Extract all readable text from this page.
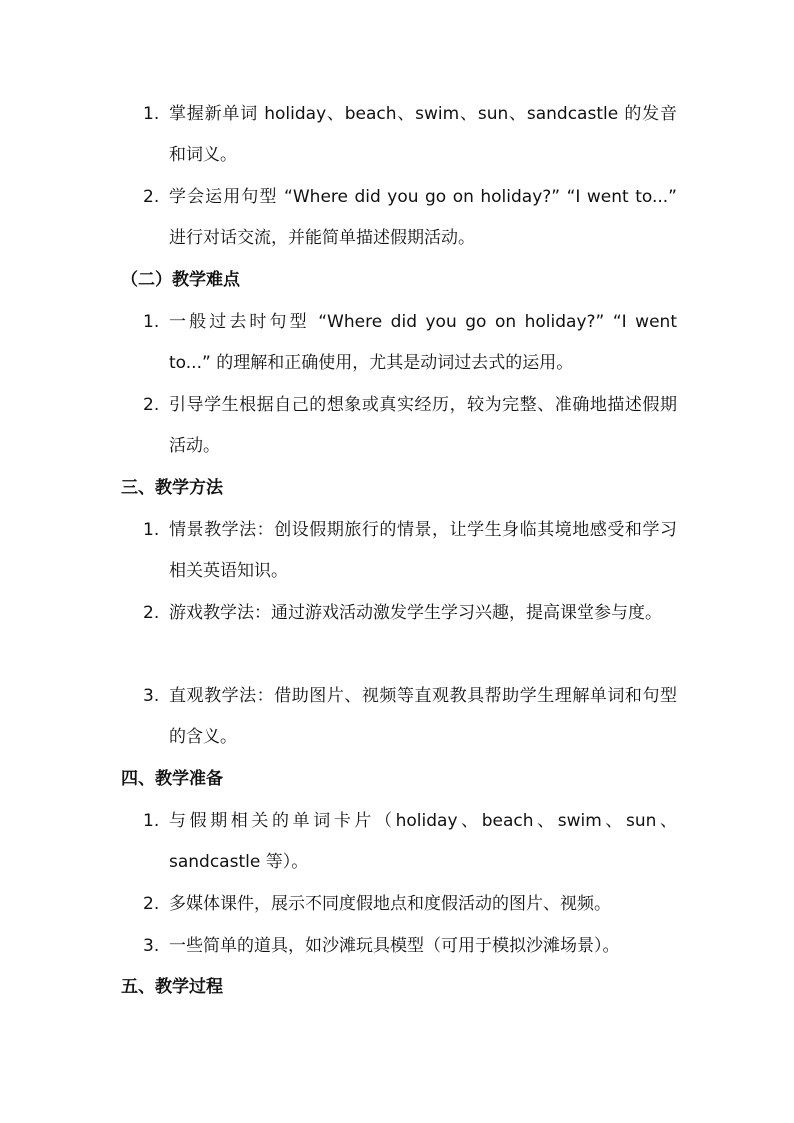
1. 掌握新单词 holiday、beach、swim、sun、sandcastle 的发音和词义。
2. 学会运用句型 “Where did you go on holiday?” “I went to...” 进行对话交流，并能简单描述假期活动。
（二）教学难点
1. 一般过去时句型 “Where did you go on holiday?” “I went to...” 的理解和正确使用，尤其是动词过去式的运用。
2. 引导学生根据自己的想象或真实经历，较为完整、准确地描述假期活动。
三、教学方法
1. 情景教学法：创设假期旅行的情景，让学生身临其境地感受和学习相关英语知识。
2. 游戏教学法：通过游戏活动激发学生学习兴趣，提高课堂参与度。
3. 直观教学法：借助图片、视频等直观教具帮助学生理解单词和句型的含义。
四、教学准备
1. 与假期相关的单词卡片（holiday、beach、swim、sun、sandcastle 等）。
2. 多媒体课件，展示不同度假地点和度假活动的图片、视频。
3. 一些简单的道具，如沙滩玩具模型（可用于模拟沙滩场景）。
五、教学过程
